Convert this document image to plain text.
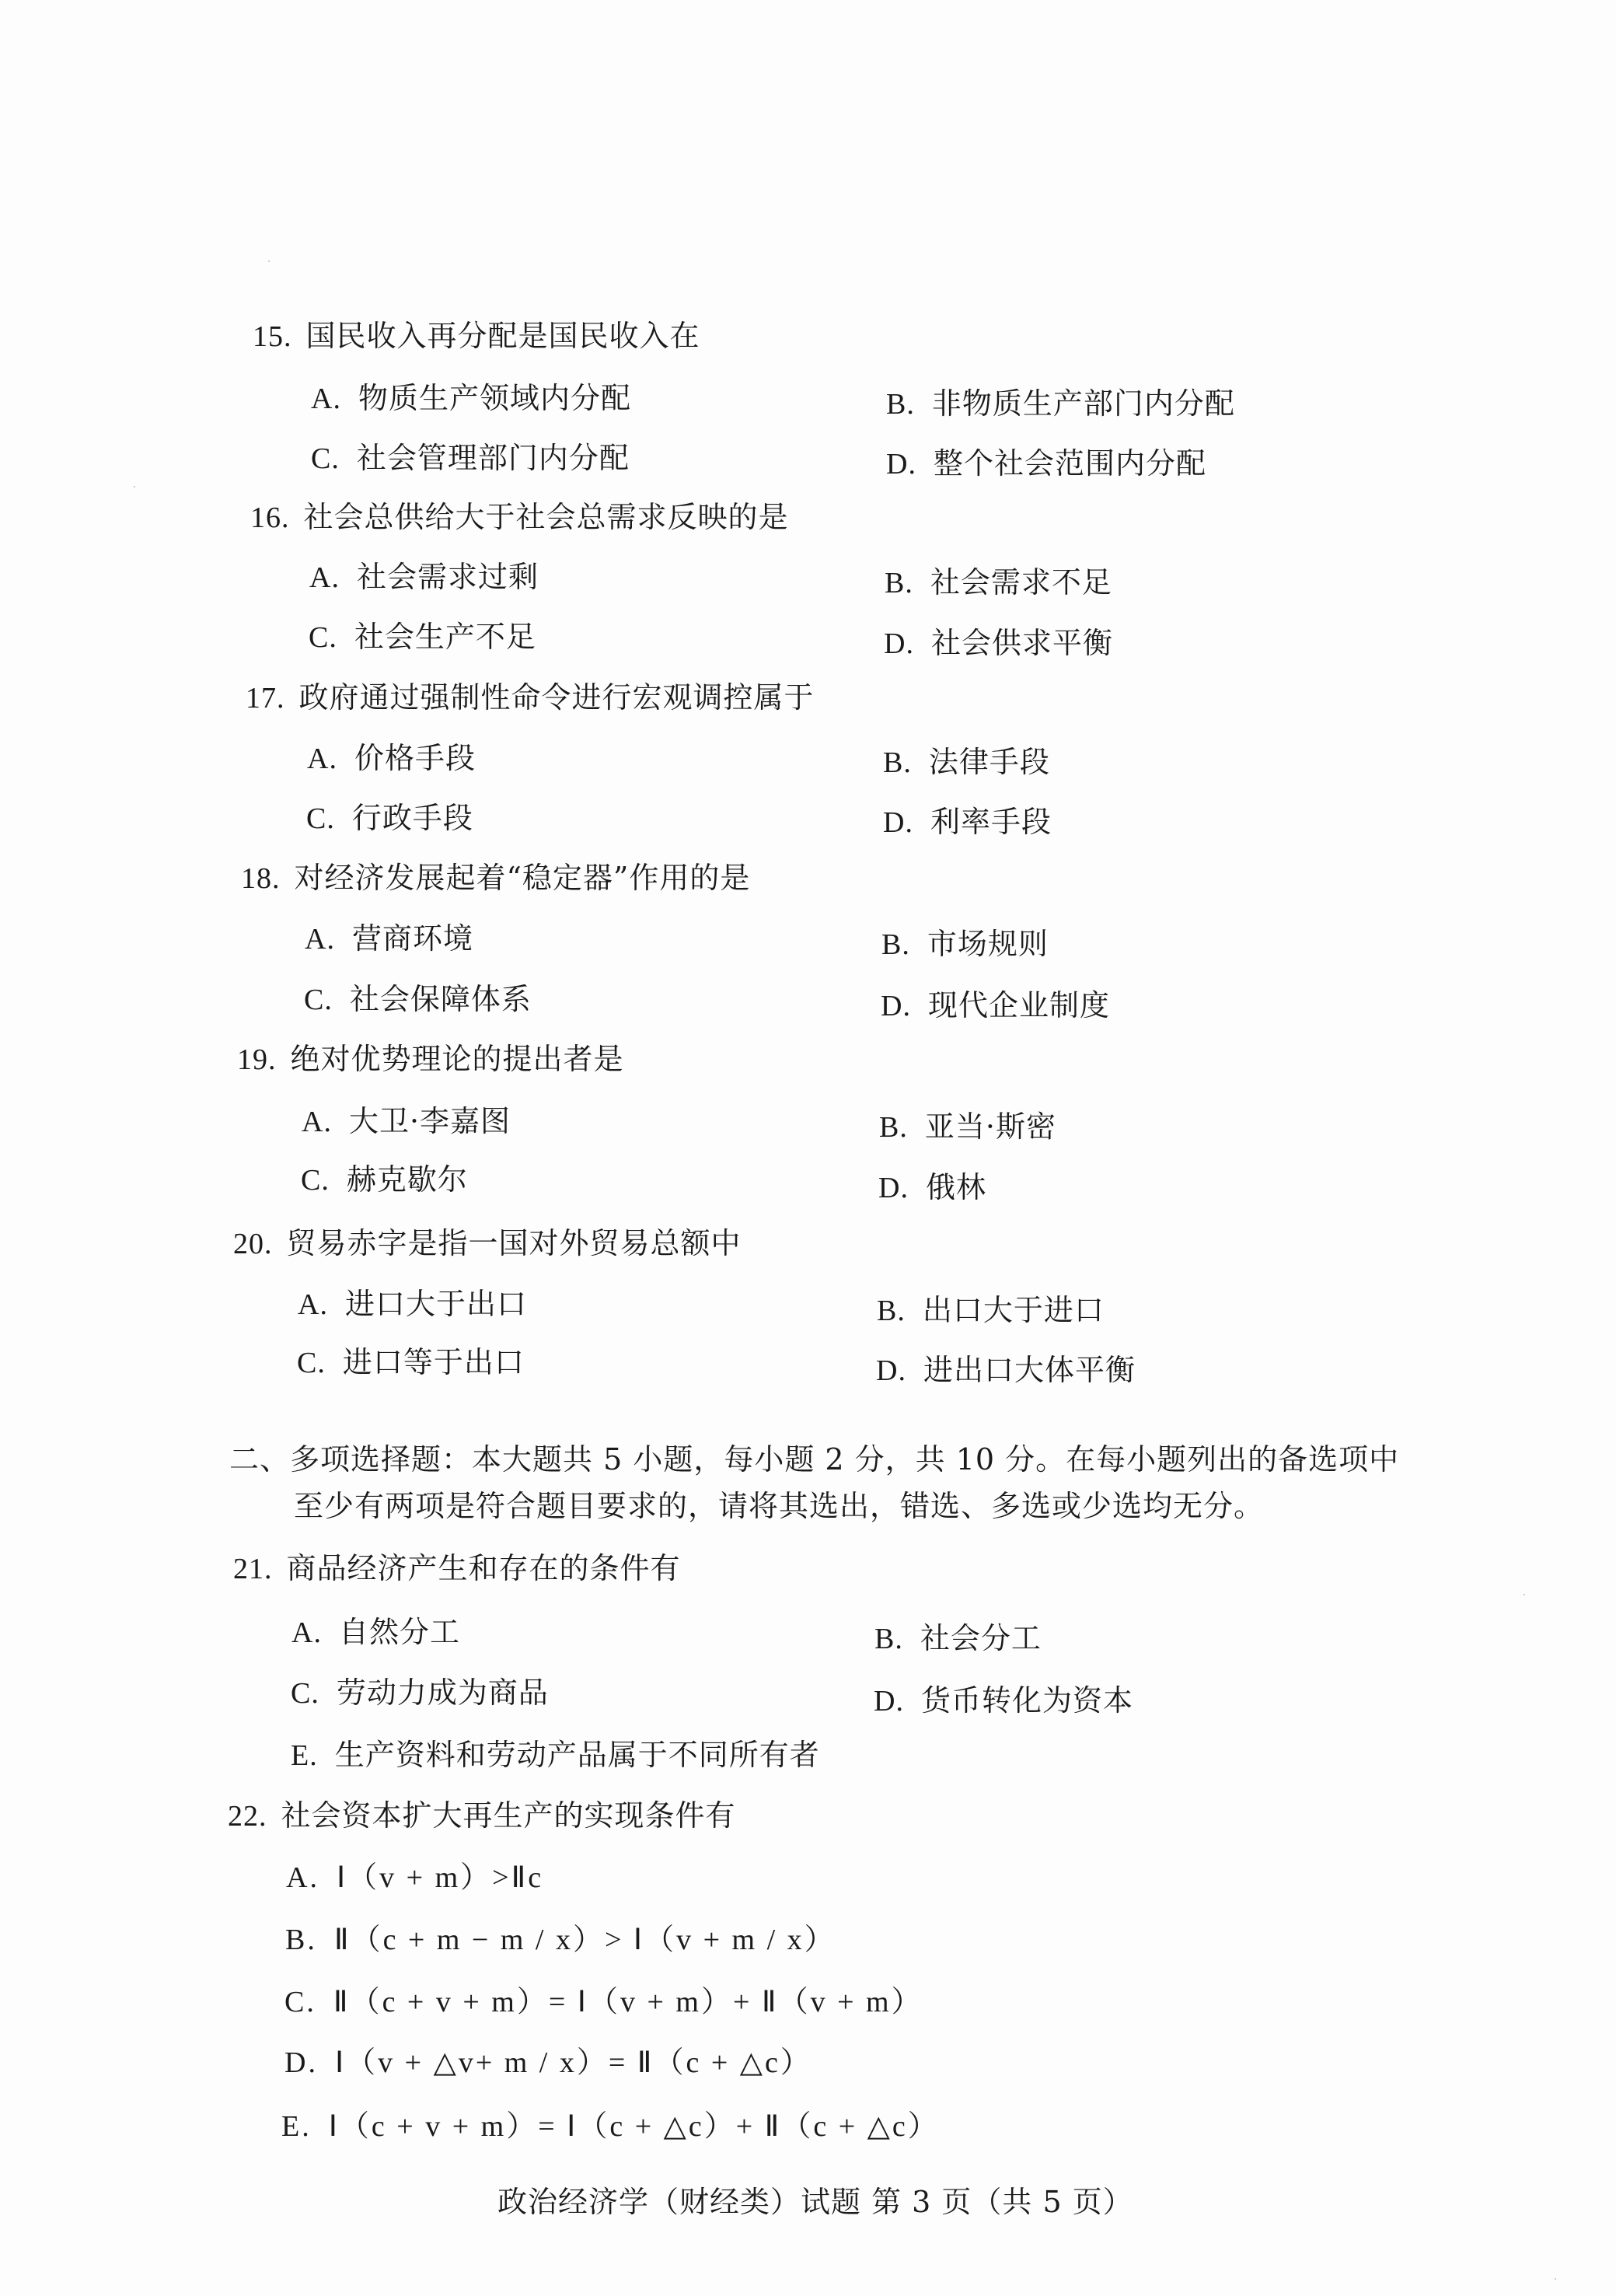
15. 国民收入再分配是国民收入在
A. 物质生产领域内分配	B. 非物质生产部门内分配
C. 社会管理部门内分配	D. 整个社会范围内分配
16. 社会总供给大于社会总需求反映的是
A. 社会需求过剩	B. 社会需求不足
C. 社会生产不足	D. 社会供求平衡
17. 政府通过强制性命令进行宏观调控属于
A. 价格手段	B. 法律手段
C. 行政手段	D. 利率手段
18. 对经济发展起着“稳定器”作用的是
A. 营商环境	B. 市场规则
C. 社会保障体系	D. 现代企业制度
19. 绝对优势理论的提出者是
A. 大卫·李嘉图	B. 亚当·斯密
C. 赫克歇尔	D. 俄林
20. 贸易赤字是指一国对外贸易总额中
A. 进口大于出口	B. 出口大于进口
C. 进口等于出口	D. 进出口大体平衡
二、多项选择题：本大题共 5 小题，每小题 2 分，共 10 分。在每小题列出的备选项中
至少有两项是符合题目要求的，请将其选出，错选、多选或少选均无分。
21. 商品经济产生和存在的条件有
A. 自然分工	B. 社会分工
C. 劳动力成为商品	D. 货币转化为资本
E. 生产资料和劳动产品属于不同所有者
22. 社会资本扩大再生产的实现条件有
A. Ⅰ（v + m）>Ⅱc
B. Ⅱ（c + m − m / x）> Ⅰ（v + m / x）
C. Ⅱ（c + v + m）= Ⅰ（v + m）+ Ⅱ（v + m）
D. Ⅰ（v + △v+ m / x）= Ⅱ（c + △c）
E. Ⅰ（c + v + m）= Ⅰ（c + △c）+ Ⅱ（c + △c）
政治经济学（财经类）试题 第 3 页（共 5 页）
